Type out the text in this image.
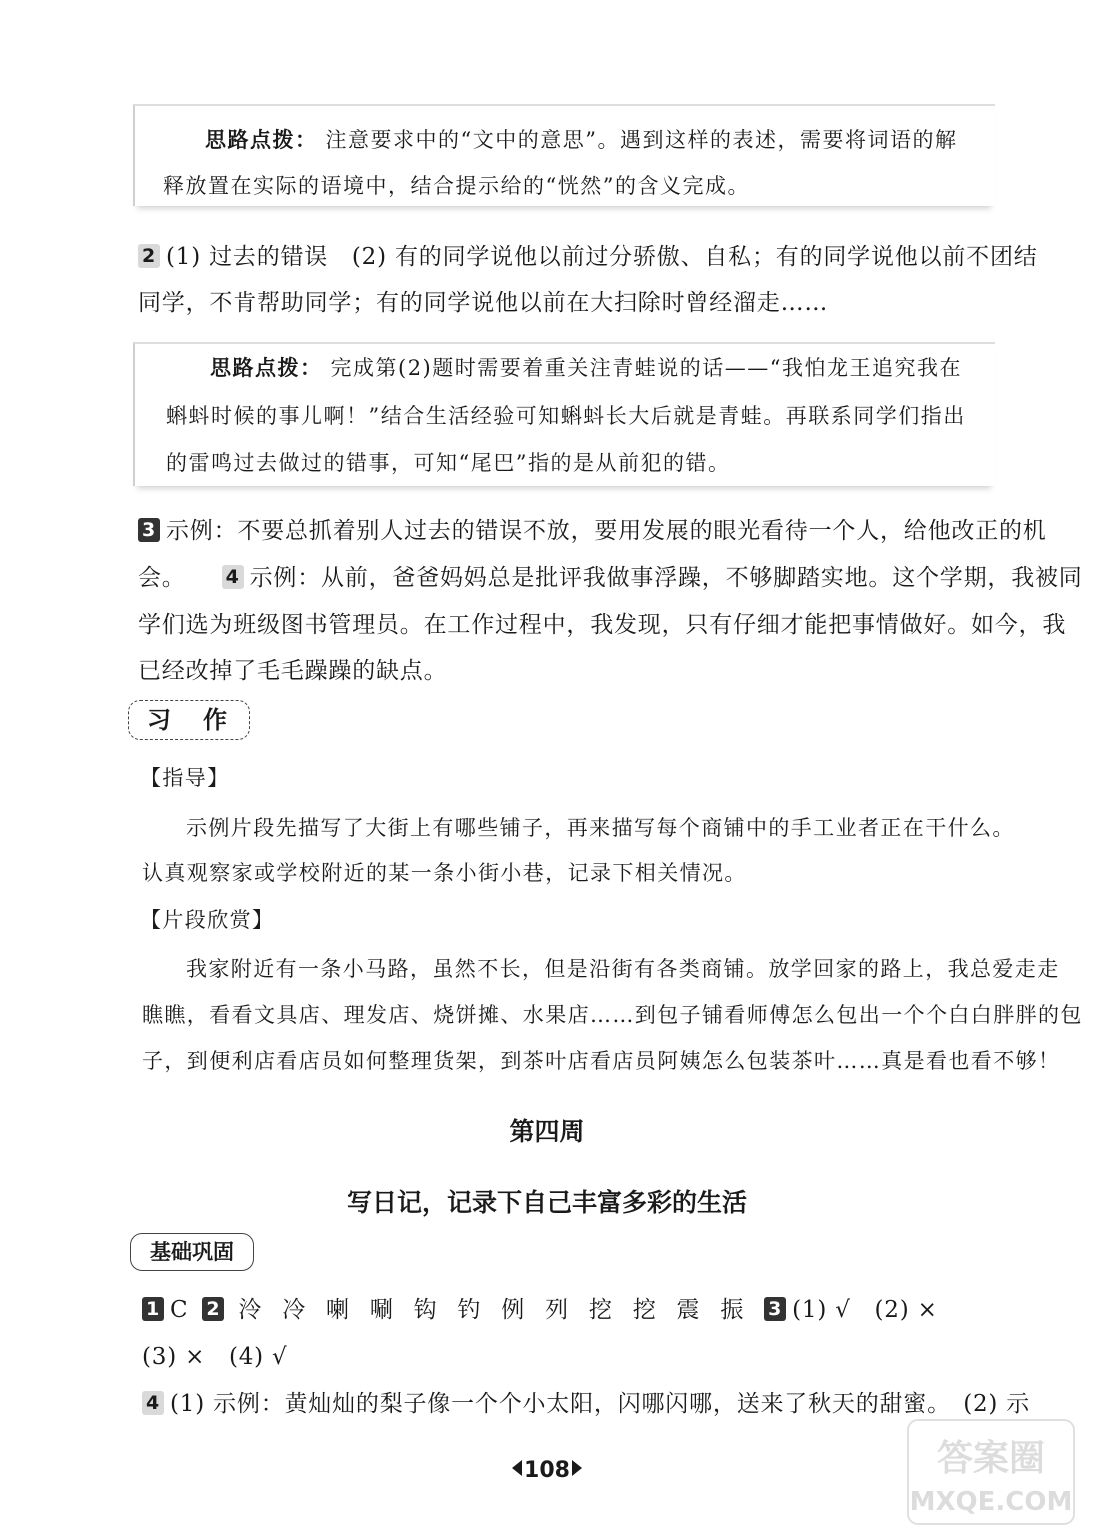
思路点拨： 注意要求中的“文中的意思”。遇到这样的表述，需要将词语的解
释放置在实际的语境中，结合提示给的“恍然”的含义完成。
2 (1) 过去的错误　(2) 有的同学说他以前过分骄傲、自私；有的同学说他以前不团结
同学，不肯帮助同学；有的同学说他以前在大扫除时曾经溜走……
思路点拨： 完成第(2)题时需要着重关注青蛙说的话——“我怕龙王追究我在
蝌蚪时候的事儿啊！”结合生活经验可知蝌蚪长大后就是青蛙。再联系同学们指出
的雷鸣过去做过的错事，可知“尾巴”指的是从前犯的错。
3 示例：不要总抓着别人过去的错误不放，要用发展的眼光看待一个人，给他改正的机
会。 4 示例：从前，爸爸妈妈总是批评我做事浮躁，不够脚踏实地。这个学期，我被同
学们选为班级图书管理员。在工作过程中，我发现，只有仔细才能把事情做好。如今，我
已经改掉了毛毛躁躁的缺点。
习　作
【指导】
示例片段先描写了大街上有哪些铺子，再来描写每个商铺中的手工业者正在干什么。
认真观察家或学校附近的某一条小街小巷，记录下相关情况。
【片段欣赏】
我家附近有一条小马路，虽然不长，但是沿街有各类商铺。放学回家的路上，我总爱走走
瞧瞧，看看文具店、理发店、烧饼摊、水果店……到包子铺看师傅怎么包出一个个白白胖胖的包
子，到便利店看店员如何整理货架，到茶叶店看店员阿姨怎么包装茶叶……真是看也看不够！
第四周
写日记，记录下自己丰富多彩的生活
基础巩固
1 C 2 泠 冷 喇 唰 钩 钓 例 列 挖 挖 震 振 3 (1) √　(2) ×
(3) ×　(4) √
4 (1) 示例：黄灿灿的梨子像一个个小太阳，闪哪闪哪，送来了秋天的甜蜜。　(2) 示
108	答案圈
MXQE.COM
